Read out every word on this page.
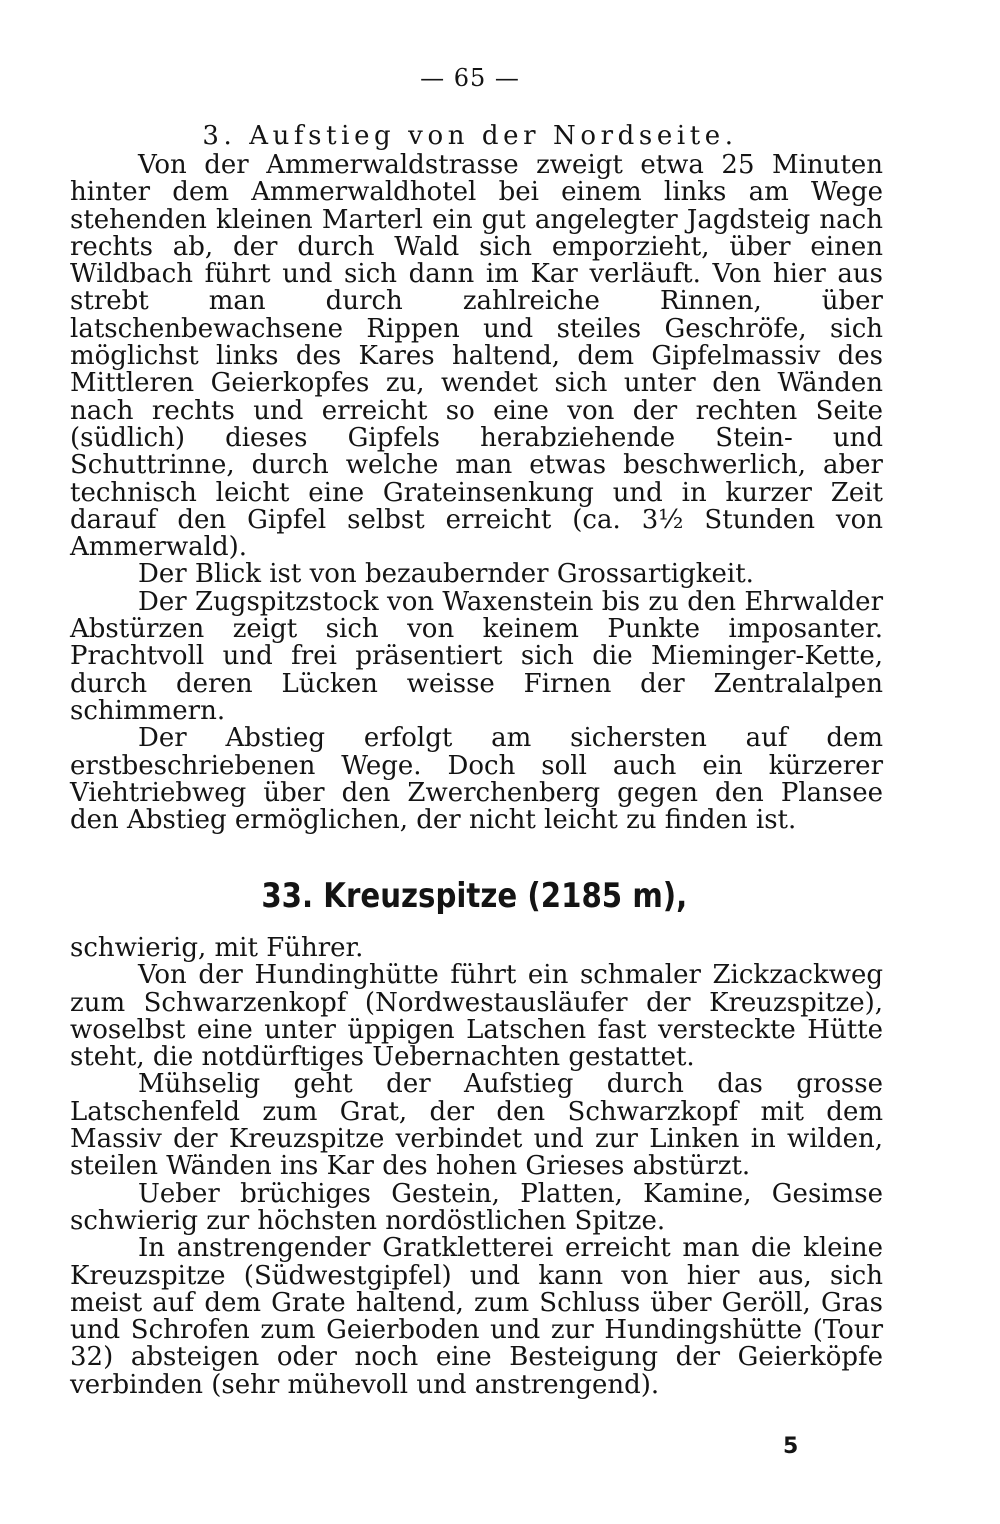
— 65 —
3. Aufstieg von der Nordseite.

Von der Ammerwaldstrasse zweigt etwa 25 Minuten hinter dem Ammerwaldhotel bei einem links am Wege stehenden kleinen Marterl ein gut angelegter Jagdsteig nach rechts ab, der durch Wald sich emporzieht, über einen Wildbach führt und sich dann im Kar verläuft. Von hier aus strebt man durch zahlreiche Rinnen, über latschenbewachsene Rippen und steiles Geschröfe, sich möglichst links des Kares haltend, dem Gipfelmassiv des Mittleren Geierkopfes zu, wendet sich unter den Wänden nach rechts und erreicht so eine von der rechten Seite (südlich) dieses Gipfels herabziehende Stein- und Schuttrinne, durch welche man etwas beschwerlich, aber technisch leicht eine Grateinsenkung und in kurzer Zeit darauf den Gipfel selbst erreicht (ca. 3½ Stunden von Ammerwald).

Der Blick ist von bezaubernder Grossartigkeit.

Der Zugspitzstock von Waxenstein bis zu den Ehrwalder Abstürzen zeigt sich von keinem Punkte imposanter. Prachtvoll und frei präsentiert sich die Mieminger-Kette, durch deren Lücken weisse Firnen der Zentralalpen schimmern.

Der Abstieg erfolgt am sichersten auf dem erstbeschriebenen Wege. Doch soll auch ein kürzerer Viehtriebweg über den Zwerchenberg gegen den Plansee den Abstieg ermöglichen, der nicht leicht zu finden ist.

33. Kreuzspitze (2185 m),

schwierig, mit Führer.

Von der Hundinghütte führt ein schmaler Zickzackweg zum Schwarzenkopf (Nordwestausläufer der Kreuzspitze), woselbst eine unter üppigen Latschen fast versteckte Hütte steht, die notdürftiges Uebernachten gestattet.

Mühselig geht der Aufstieg durch das grosse Latschenfeld zum Grat, der den Schwarzkopf mit dem Massiv der Kreuzspitze verbindet und zur Linken in wilden, steilen Wänden ins Kar des hohen Grieses abstürzt.

Ueber brüchiges Gestein, Platten, Kamine, Gesimse schwierig zur höchsten nordöstlichen Spitze.

In anstrengender Gratkletterei erreicht man die kleine Kreuzspitze (Südwestgipfel) und kann von hier aus, sich meist auf dem Grate haltend, zum Schluss über Geröll, Gras und Schrofen zum Geierboden und zur Hundingshütte (Tour 32) absteigen oder noch eine Besteigung der Geierköpfe verbinden (sehr mühevoll und anstrengend).

5
